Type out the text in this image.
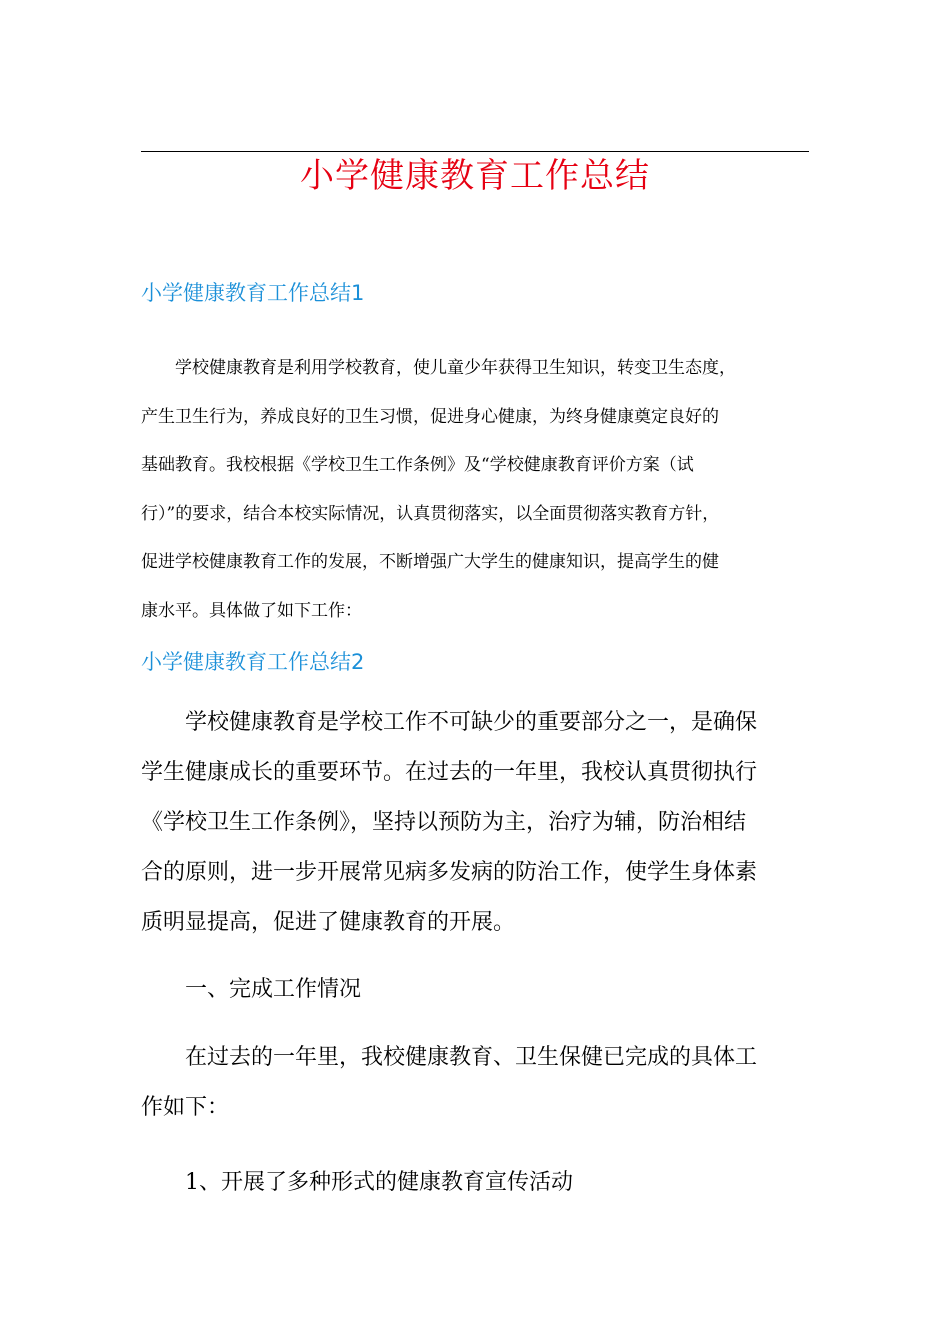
小学健康教育工作总结
小学健康教育工作总结1
　　学校健康教育是利用学校教育，使儿童少年获得卫生知识，转变卫生态度，
产生卫生行为，养成良好的卫生习惯，促进身心健康，为终身健康奠定良好的
基础教育。我校根据《学校卫生工作条例》及“学校健康教育评价方案（试
行）”的要求，结合本校实际情况，认真贯彻落实，以全面贯彻落实教育方针，
促进学校健康教育工作的发展，不断增强广大学生的健康知识，提高学生的健
康水平。具体做了如下工作：
小学健康教育工作总结2
　　学校健康教育是学校工作不可缺少的重要部分之一，是确保
学生健康成长的重要环节。在过去的一年里，我校认真贯彻执行
《学校卫生工作条例》，坚持以预防为主，治疗为辅，防治相结
合的原则，进一步开展常见病多发病的防治工作，使学生身体素
质明显提高，促进了健康教育的开展。
　　一、完成工作情况
　　在过去的一年里，我校健康教育、卫生保健已完成的具体工
作如下：
　　1、开展了多种形式的健康教育宣传活动
